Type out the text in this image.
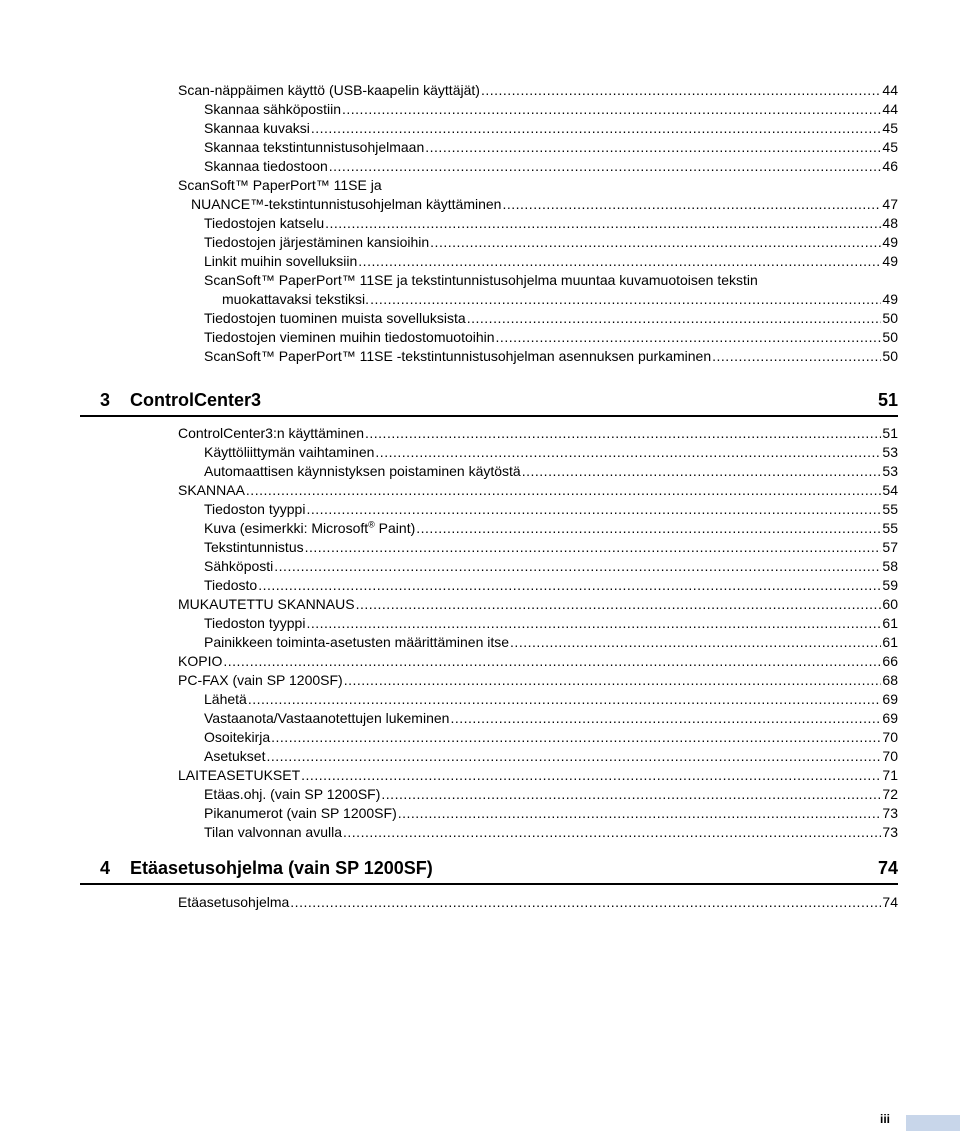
Scan-näppäimen käyttö (USB-kaapelin käyttäjät) .....	44
Skannaa sähköpostiin .....	44
Skannaa kuvaksi .....	45
Skannaa tekstintunnistusohjelmaan .....	45
Skannaa tiedostoon .....	46
ScanSoft™ PaperPort™ 11SE ja
NUANCE™-tekstintunnistusohjelman käyttäminen .....	47
Tiedostojen katselu .....	48
Tiedostojen järjestäminen kansioihin .....	49
Linkit muihin sovelluksiin .....	49
ScanSoft™ PaperPort™ 11SE ja tekstintunnistusohjelma muuntaa kuvamuotoisen tekstin
muokattavaksi tekstiksi. .....	49
Tiedostojen tuominen muista sovelluksista .....	50
Tiedostojen vieminen muihin tiedostomuotoihin .....	50
ScanSoft™ PaperPort™ 11SE -tekstintunnistusohjelman asennuksen purkaminen .....	50
3	ControlCenter3	51
ControlCenter3:n käyttäminen .....	51
Käyttöliittymän vaihtaminen .....	53
Automaattisen käynnistyksen poistaminen käytöstä .....	53
SKANNAA .....	54
Tiedoston tyyppi .....	55
Kuva (esimerkki: Microsoft® Paint) .....	55
Tekstintunnistus .....	57
Sähköposti .....	58
Tiedosto .....	59
MUKAUTETTU SKANNAUS .....	60
Tiedoston tyyppi .....	61
Painikkeen toiminta-asetusten määrittäminen itse .....	61
KOPIO .....	66
PC-FAX (vain SP 1200SF) .....	68
Lähetä .....	69
Vastaanota/Vastaanotettujen lukeminen .....	69
Osoitekirja .....	70
Asetukset .....	70
LAITEASETUKSET .....	71
Etäas.ohj. (vain SP 1200SF) .....	72
Pikanumerot (vain SP 1200SF) .....	73
Tilan valvonnan avulla .....	73
4	Etäasetusohjelma (vain SP 1200SF)	74
Etäasetusohjelma .....	74
iii
